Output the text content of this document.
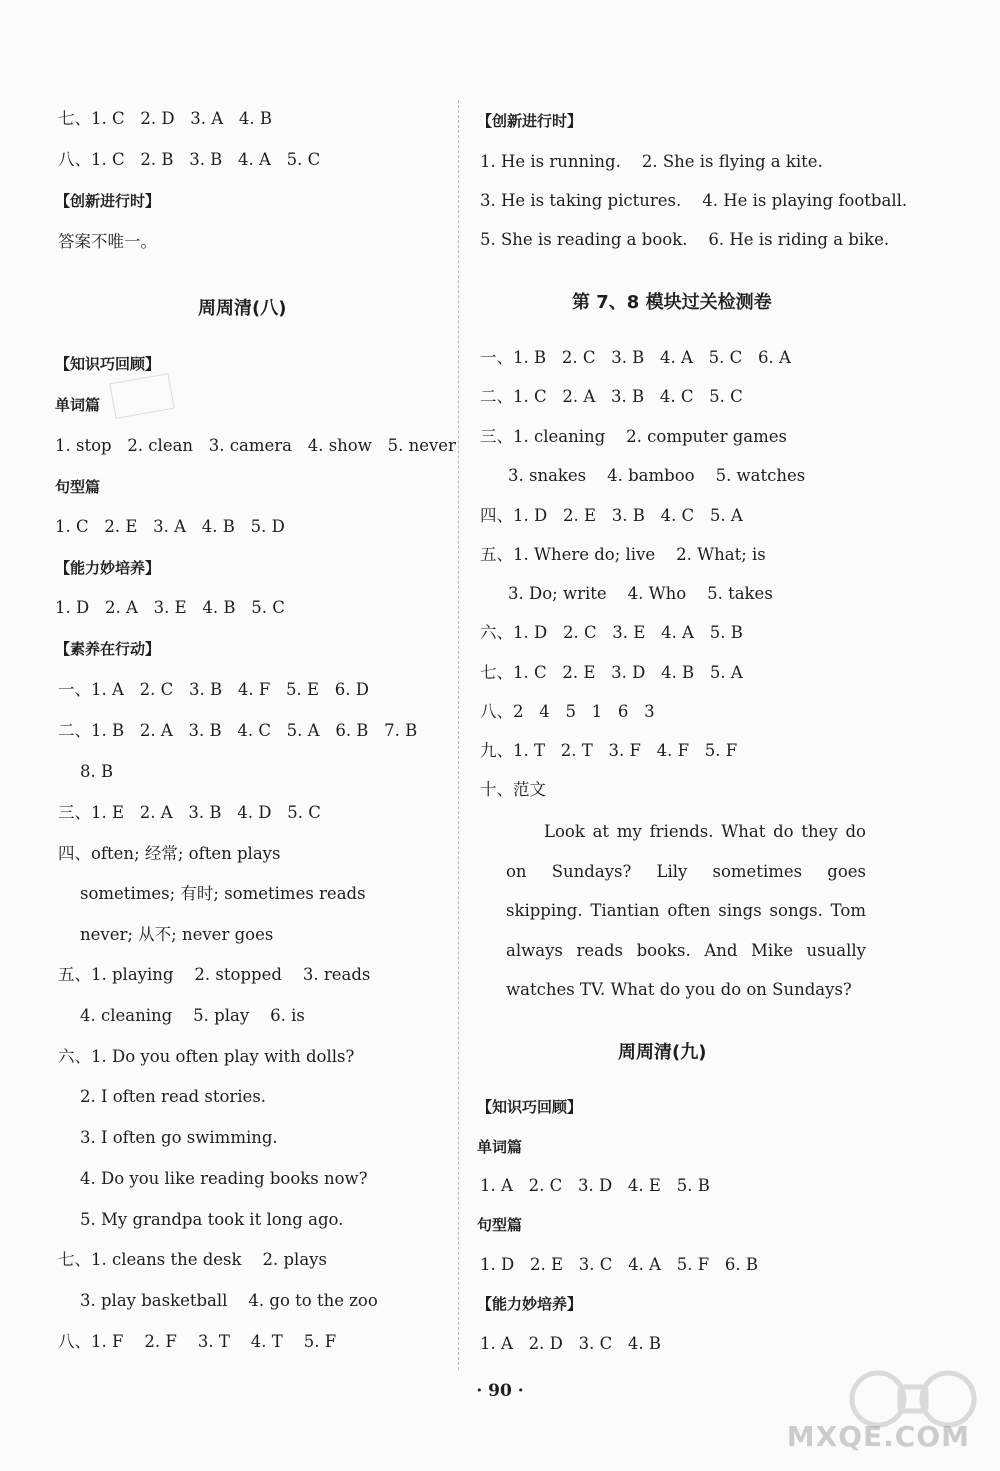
七、1. C   2. D   3. A   4. B
八、1. C   2. B   3. B   4. A   5. C
【创新进行时】
答案不唯一。
周周清(八)
【知识巧回顾】
单词篇
1. stop   2. clean   3. camera   4. show   5. never
句型篇
1. C   2. E   3. A   4. B   5. D
【能力妙培养】
1. D   2. A   3. E   4. B   5. C
【素养在行动】
一、1. A   2. C   3. B   4. F   5. E   6. D
二、1. B   2. A   3. B   4. C   5. A   6. B   7. B
8. B
三、1. E   2. A   3. B   4. D   5. C
四、often; 经常; often plays
sometimes; 有时; sometimes reads
never; 从不; never goes
五、1. playing    2. stopped    3. reads
4. cleaning    5. play    6. is
六、1. Do you often play with dolls?
2. I often read stories.
3. I often go swimming.
4. Do you like reading books now?
5. My grandpa took it long ago.
七、1. cleans the desk    2. plays
3. play basketball    4. go to the zoo
八、1. F    2. F    3. T    4. T    5. F
【创新进行时】
1. He is running.    2. She is flying a kite.
3. He is taking pictures.    4. He is playing football.
5. She is reading a book.    6. He is riding a bike.
第 7、8 模块过关检测卷
一、1. B   2. C   3. B   4. A   5. C   6. A
二、1. C   2. A   3. B   4. C   5. C
三、1. cleaning    2. computer games
3. snakes    4. bamboo    5. watches
四、1. D   2. E   3. B   4. C   5. A
五、1. Where do; live    2. What; is
3. Do; write    4. Who    5. takes
六、1. D   2. C   3. E   4. A   5. B
七、1. C   2. E   3. D   4. B   5. A
八、2   4   5   1   6   3
九、1. T   2. T   3. F   4. F   5. F
十、范文
Look at my friends. What do they do on Sundays? Lily sometimes goes skipping. Tiantian often sings songs. Tom always reads books. And Mike usually watches TV. What do you do on Sundays?
周周清(九)
【知识巧回顾】
单词篇
1. A   2. C   3. D   4. E   5. B
句型篇
1. D   2. E   3. C   4. A   5. F   6. B
【能力妙培养】
1. A   2. D   3. C   4. B
· 90 ·
MXQE.COM
